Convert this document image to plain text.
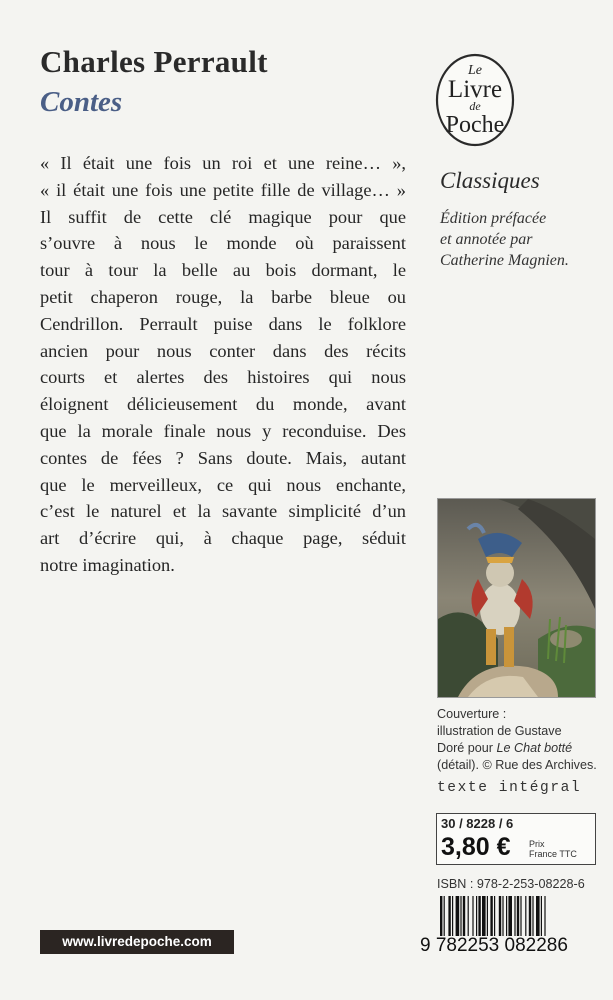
Charles Perrault
Contes
« Il était une fois un roi et une reine… »,
« il était une fois une petite fille de village… »
Il suffit de cette clé magique pour que
s’ouvre à nous le monde où paraissent
tour à tour la belle au bois dormant, le
petit chaperon rouge, la barbe bleue ou
Cendrillon. Perrault puise dans le folklore
ancien pour nous conter dans des récits
courts et alertes des histoires qui nous
éloignent délicieusement du monde, avant
que la morale finale nous y reconduise. Des
contes de fées ? Sans doute. Mais, autant
que le merveilleux, ce qui nous enchante,
c’est le naturel et la savante simplicité d’un
art d’écrire qui, à chaque page, séduit
notre imagination.
Le
Livre
de
Poche
Classiques
Édition préfacée
et annotée par
Catherine Magnien.
Couverture :
illustration de Gustave
Doré pour Le Chat botté
(détail). © Rue des Archives.
texte intégral
30 / 8228 / 6
3,80 € Prix
France TTC
ISBN : 978-2-253-08228-6
9 782253 082286
www.livredepoche.com
